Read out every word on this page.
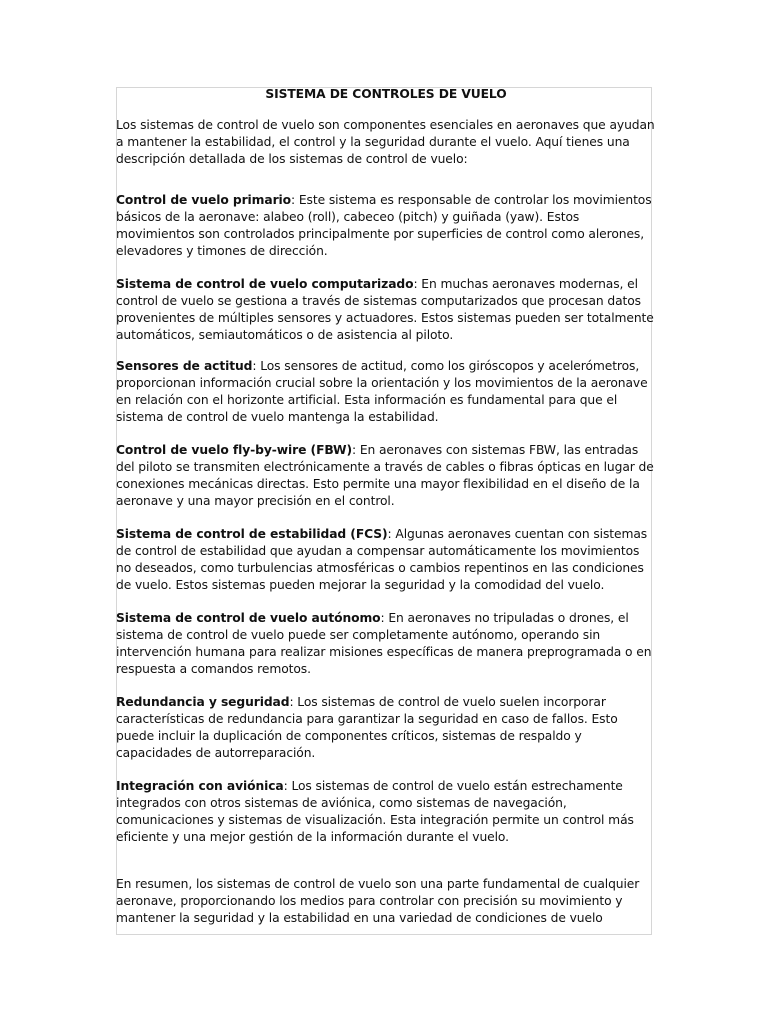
SISTEMA DE CONTROLES DE VUELO

Los sistemas de control de vuelo son componentes esenciales en aeronaves que ayudan a mantener la estabilidad, el control y la seguridad durante el vuelo. Aquí tienes una descripción detallada de los sistemas de control de vuelo:

Control de vuelo primario: Este sistema es responsable de controlar los movimientos básicos de la aeronave: alabeo (roll), cabeceo (pitch) y guiñada (yaw). Estos movimientos son controlados principalmente por superficies de control como alerones, elevadores y timones de dirección.

Sistema de control de vuelo computarizado: En muchas aeronaves modernas, el control de vuelo se gestiona a través de sistemas computarizados que procesan datos provenientes de múltiples sensores y actuadores. Estos sistemas pueden ser totalmente automáticos, semiautomáticos o de asistencia al piloto.

Sensores de actitud: Los sensores de actitud, como los giróscopos y acelerómetros, proporcionan información crucial sobre la orientación y los movimientos de la aeronave en relación con el horizonte artificial. Esta información es fundamental para que el sistema de control de vuelo mantenga la estabilidad.

Control de vuelo fly-by-wire (FBW): En aeronaves con sistemas FBW, las entradas del piloto se transmiten electrónicamente a través de cables o fibras ópticas en lugar de conexiones mecánicas directas. Esto permite una mayor flexibilidad en el diseño de la aeronave y una mayor precisión en el control.

Sistema de control de estabilidad (FCS): Algunas aeronaves cuentan con sistemas de control de estabilidad que ayudan a compensar automáticamente los movimientos no deseados, como turbulencias atmosféricas o cambios repentinos en las condiciones de vuelo. Estos sistemas pueden mejorar la seguridad y la comodidad del vuelo.

Sistema de control de vuelo autónomo: En aeronaves no tripuladas o drones, el sistema de control de vuelo puede ser completamente autónomo, operando sin intervención humana para realizar misiones específicas de manera preprogramada o en respuesta a comandos remotos.

Redundancia y seguridad: Los sistemas de control de vuelo suelen incorporar características de redundancia para garantizar la seguridad en caso de fallos. Esto puede incluir la duplicación de componentes críticos, sistemas de respaldo y capacidades de autorreparación.

Integración con aviónica: Los sistemas de control de vuelo están estrechamente integrados con otros sistemas de aviónica, como sistemas de navegación, comunicaciones y sistemas de visualización. Esta integración permite un control más eficiente y una mejor gestión de la información durante el vuelo.

En resumen, los sistemas de control de vuelo son una parte fundamental de cualquier aeronave, proporcionando los medios para controlar con precisión su movimiento y mantener la seguridad y la estabilidad en una variedad de condiciones de vuelo
